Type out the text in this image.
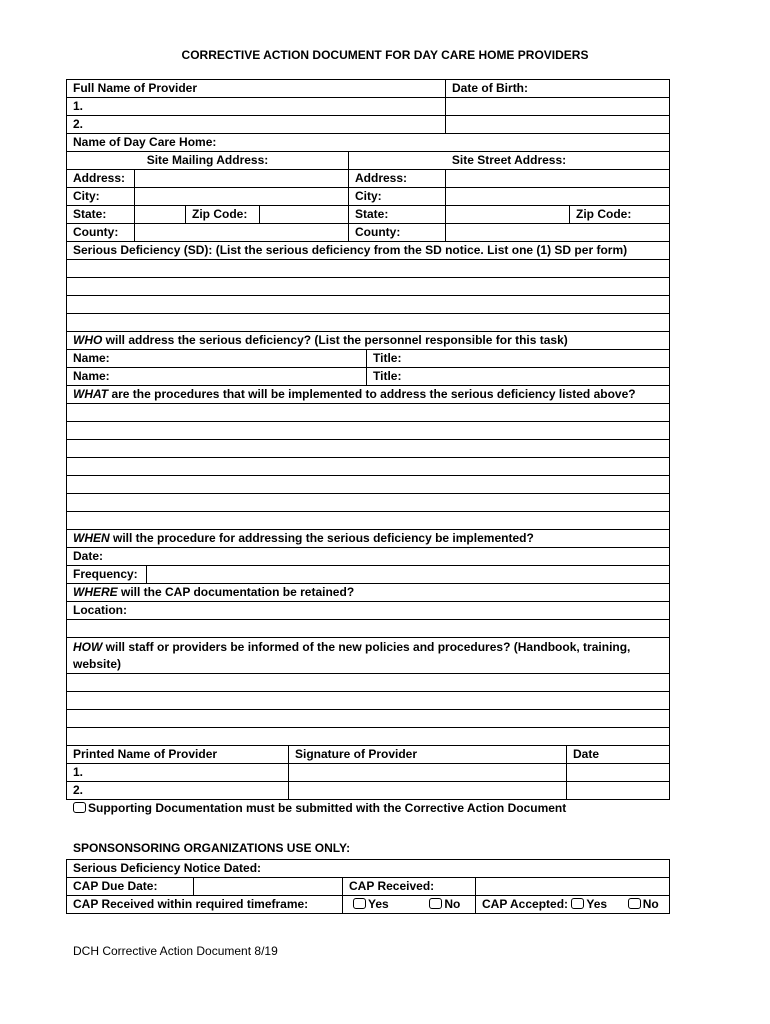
CORRECTIVE ACTION DOCUMENT FOR DAY CARE HOME PROVIDERS
Full Name of Provider					Date of Birth:	
1.						
2.						
Name of Day Care Home:						
Site Mailing Address:				Site Street Address:		
Address:				Address:		
City:				City:		
State:		Zip Code:		State:		Zip Code:
County:				County:		
Serious Deficiency (SD): (List the serious deficiency from the SD notice. List one (1) SD per form)						

WHO will address the serious deficiency? (List the personnel responsible for this task)		
Name:		Title:
Name:		Title:
WHAT are the procedures that will be implemented to address the serious deficiency listed above?		

WHEN will the procedure for addressing the serious deficiency be implemented?		
Date:		
Frequency:		
WHERE will the CAP documentation be retained?		
Location:		

HOW will staff or providers be informed of the new policies and procedures? (Handbook, training, website)		

Printed Name of Provider	Signature of Provider	Date
1.		
2.		
Supporting Documentation must be submitted with the Corrective Action Document
SPONSONSORING ORGANIZATIONS USE ONLY:
Serious Deficiency Notice Dated:			
CAP Due Date:		CAP Received:	
CAP Received within required timeframe:		Yes No	CAP Accepted: Yes No
DCH Corrective Action Document 8/19
